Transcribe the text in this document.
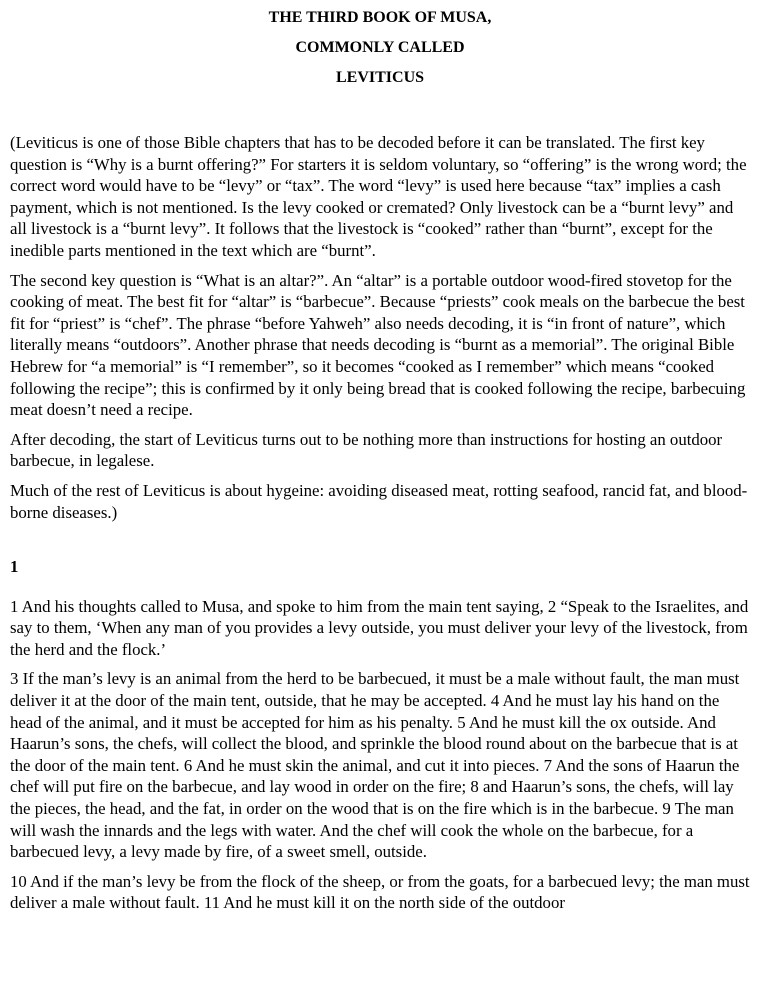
THE THIRD BOOK OF MUSA,
COMMONLY CALLED
LEVITICUS

(Leviticus is one of those Bible chapters that has to be decoded before it can be translated. The first key question is “Why is a burnt offering?” For starters it is seldom voluntary, so “offering” is the wrong word; the correct word would have to be “levy” or “tax”. The word “levy” is used here because “tax” implies a cash payment, which is not mentioned. Is the levy cooked or cremated? Only livestock can be a “burnt levy” and all livestock is a “burnt levy”. It follows that the livestock is “cooked” rather than “burnt”, except for the inedible parts mentioned in the text which are “burnt”.

The second key question is “What is an altar?”. An “altar” is a portable outdoor wood-fired stovetop for the cooking of meat. The best fit for “altar” is “barbecue”. Because “priests” cook meals on the barbecue the best fit for “priest” is “chef”. The phrase “before Yahweh” also needs decoding, it is “in front of nature”, which literally means “outdoors”. Another phrase that needs decoding is “burnt as a memorial”. The original Bible Hebrew for “a memorial” is “I remember”, so it becomes “cooked as I remember” which means “cooked following the recipe”; this is confirmed by it only being bread that is cooked following the recipe, barbecuing meat doesn’t need a recipe.

After decoding, the start of Leviticus turns out to be nothing more than instructions for hosting an outdoor barbecue, in legalese.

Much of the rest of Leviticus is about hygeine: avoiding diseased meat, rotting seafood, rancid fat, and blood-borne diseases.)

1

1 And his thoughts called to Musa, and spoke to him from the main tent saying, 2 “Speak to the Israelites, and say to them, ‘When any man of you provides a levy outside, you must deliver your levy of the livestock, from the herd and the flock.’

3 If the man’s levy is an animal from the herd to be barbecued, it must be a male without fault, the man must deliver it at the door of the main tent, outside, that he may be accepted. 4 And he must lay his hand on the head of the animal, and it must be accepted for him as his penalty. 5 And he must kill the ox outside. And Haarun’s sons, the chefs, will collect the blood, and sprinkle the blood round about on the barbecue that is at the door of the main tent. 6 And he must skin the animal, and cut it into pieces. 7 And the sons of Haarun the chef will put fire on the barbecue, and lay wood in order on the fire; 8 and Haarun’s sons, the chefs, will lay the pieces, the head, and the fat, in order on the wood that is on the fire which is in the barbecue. 9 The man will wash the innards and the legs with water. And the chef will cook the whole on the barbecue, for a barbecued levy, a levy made by fire, of a sweet smell, outside.

10 And if the man’s levy be from the flock of the sheep, or from the goats, for a barbecued levy; the man must deliver a male without fault. 11 And he must kill it on the north side of the outdoor
